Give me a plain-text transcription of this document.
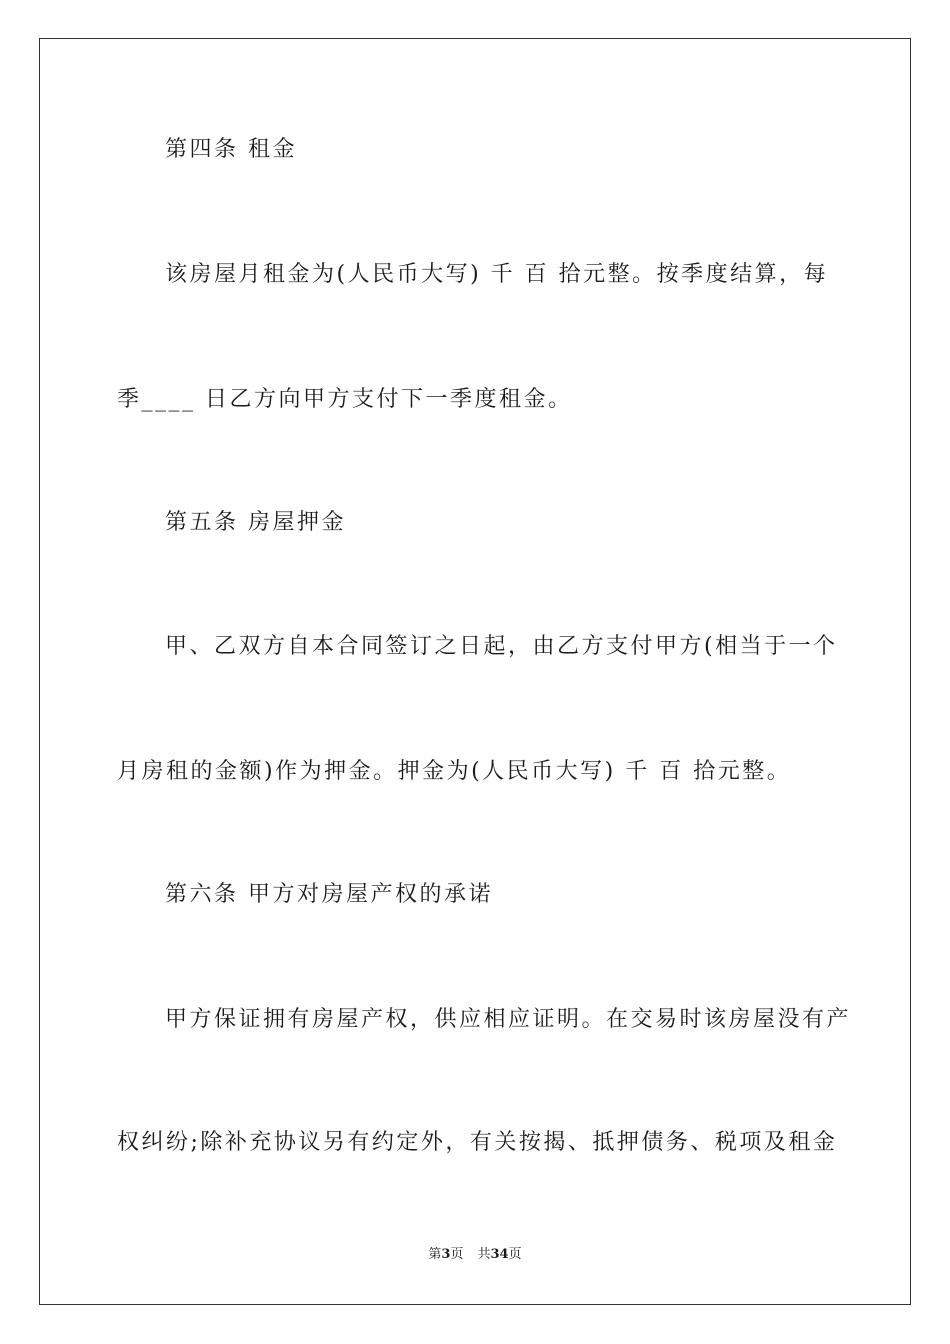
第四条 租金
该房屋月租金为(人民币大写) 千 百 拾元整。按季度结算，每
季____ 日乙方向甲方支付下一季度租金。
第五条 房屋押金
甲、乙双方自本合同签订之日起，由乙方支付甲方(相当于一个
月房租的金额)作为押金。押金为(人民币大写) 千 百 拾元整。
第六条 甲方对房屋产权的承诺
甲方保证拥有房屋产权，供应相应证明。在交易时该房屋没有产
权纠纷;除补充协议另有约定外，有关按揭、抵押债务、税项及租金
第3页 共34页
